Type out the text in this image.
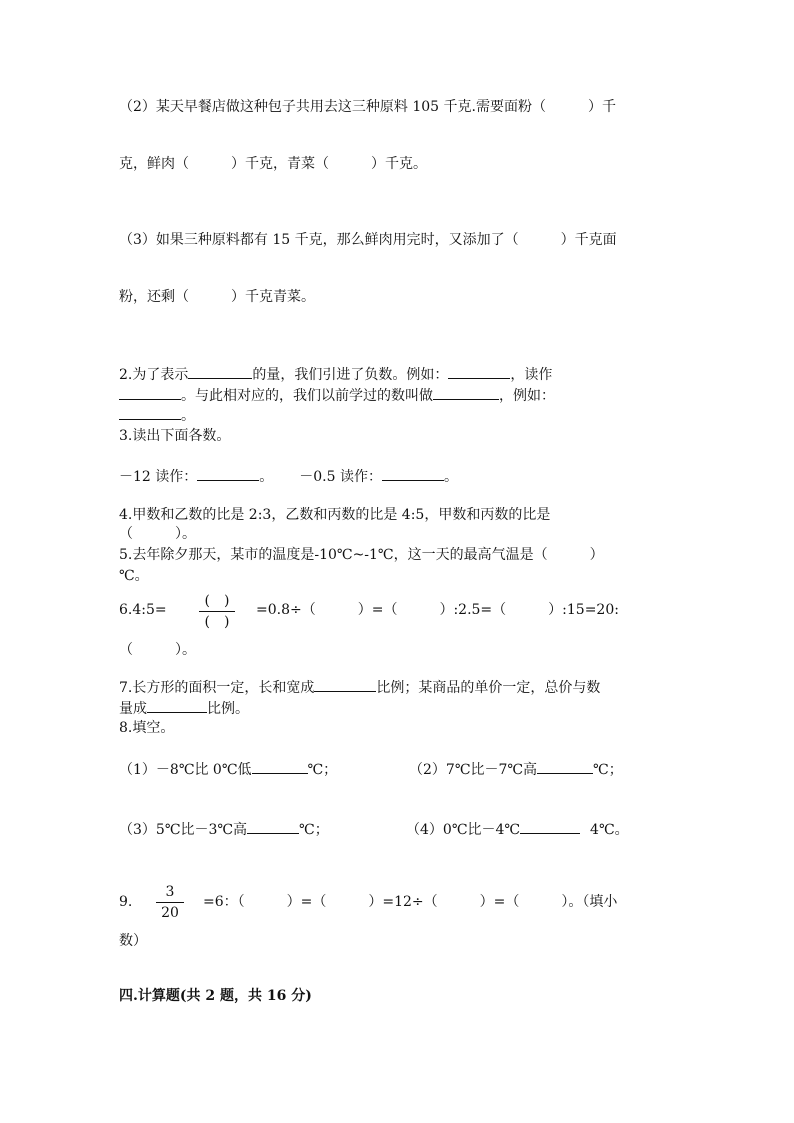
（2）某天早餐店做这种包子共用去这三种原料 105 千克.需要面粉（　　　）千
克，鲜肉（　　　）千克，青菜（　　　）千克。
（3）如果三种原料都有 15 千克，那么鲜肉用完时，又添加了（　　　）千克面
粉，还剩（　　　）千克青菜。
2.为了表示	的量，我们引进了负数。例如：	，读作
。与此相对应的，我们以前学过的数叫做	，例如：
。
3.读出下面各数。
－12 读作：	。 －0.5 读作：	。
4.甲数和乙数的比是 2:3，乙数和丙数的比是 4:5，甲数和丙数的比是
（　　　）。
5.去年除夕那天，某市的温度是-10℃~-1℃，这一天的最高气温是（　　　）
℃。
6.4:5=
(　)
(　)
=0.8÷（　　　）=（　　　）:2.5=（　　　）:15=20:
（　　　）。
7.长方形的面积一定，长和宽成	比例；某商品的单价一定，总价与数
量成	比例。
8.填空。
（1）－8℃比 0℃低	℃；	（2）7℃比－7℃高	℃；
（3）5℃比－3℃高	℃；	（4）0℃比－4℃	4℃。
9.
3
20
=6：（　　　）=（　　　）=12÷（　　　）=（　　　）。（填小
数）
四.计算题(共 2 题，共 16 分)
